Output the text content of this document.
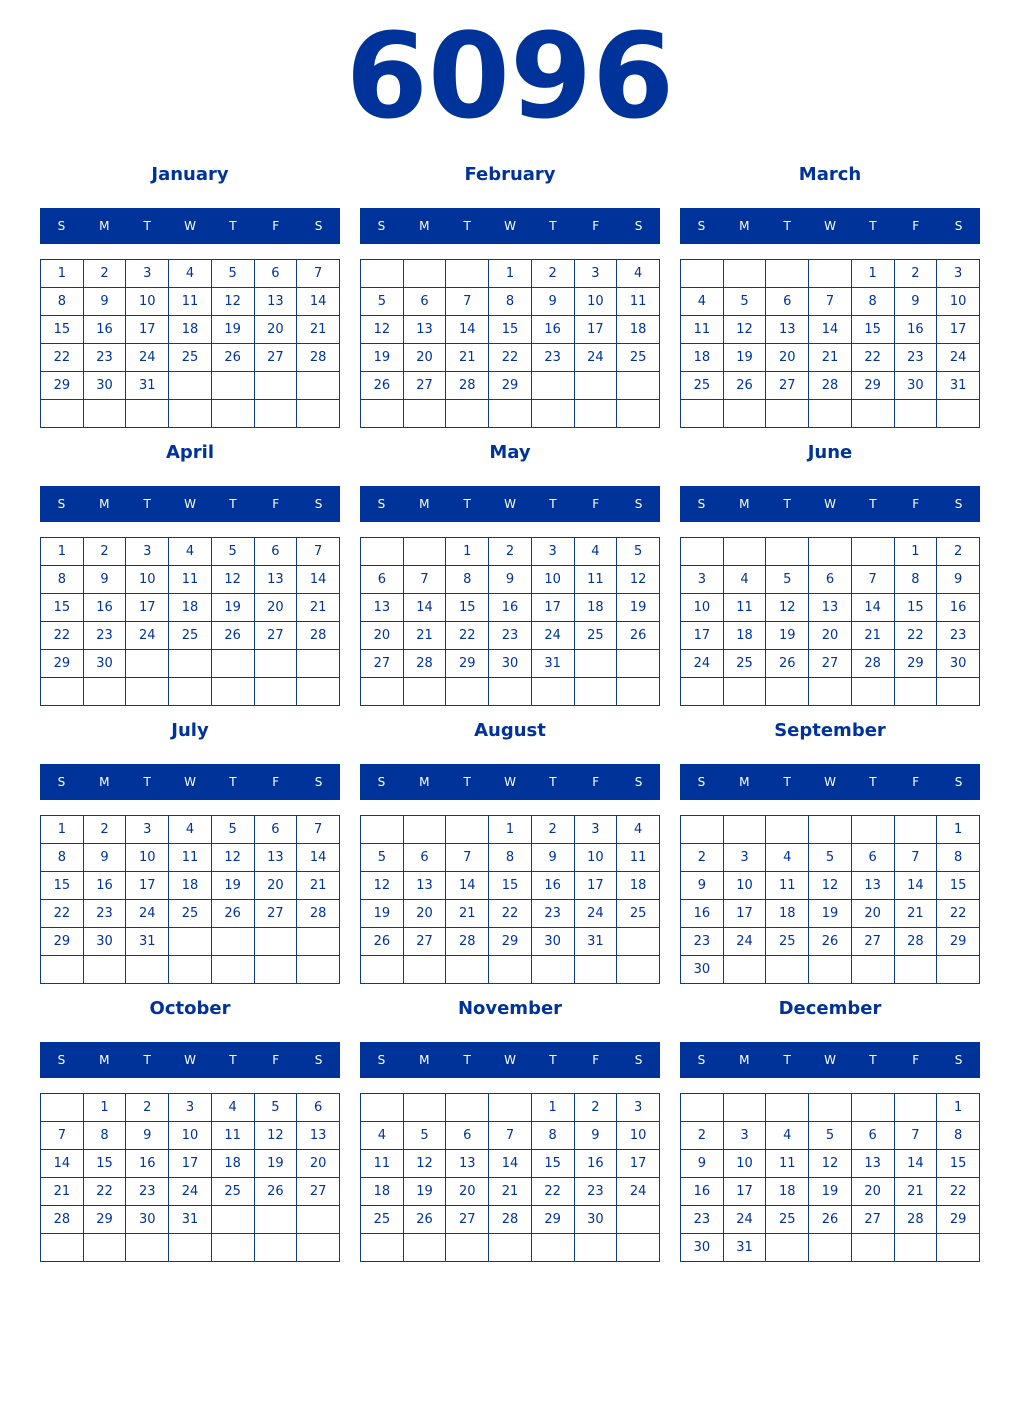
6096
January
S	M	T	W	T	F	S
1	2	3	4	5	6	7
8	9	10	11	12	13	14
15	16	17	18	19	20	21
22	23	24	25	26	27	28
29	30	31				

February
S	M	T	W	T	F	S
			1	2	3	4
5	6	7	8	9	10	11
12	13	14	15	16	17	18
19	20	21	22	23	24	25
26	27	28	29			

March
S	M	T	W	T	F	S
				1	2	3
4	5	6	7	8	9	10
11	12	13	14	15	16	17
18	19	20	21	22	23	24
25	26	27	28	29	30	31

April
S	M	T	W	T	F	S
1	2	3	4	5	6	7
8	9	10	11	12	13	14
15	16	17	18	19	20	21
22	23	24	25	26	27	28
29	30					

May
S	M	T	W	T	F	S
		1	2	3	4	5
6	7	8	9	10	11	12
13	14	15	16	17	18	19
20	21	22	23	24	25	26
27	28	29	30	31		

June
S	M	T	W	T	F	S
					1	2
3	4	5	6	7	8	9
10	11	12	13	14	15	16
17	18	19	20	21	22	23
24	25	26	27	28	29	30

July
S	M	T	W	T	F	S
1	2	3	4	5	6	7
8	9	10	11	12	13	14
15	16	17	18	19	20	21
22	23	24	25	26	27	28
29	30	31				

August
S	M	T	W	T	F	S
			1	2	3	4
5	6	7	8	9	10	11
12	13	14	15	16	17	18
19	20	21	22	23	24	25
26	27	28	29	30	31	

September
S	M	T	W	T	F	S
						1
2	3	4	5	6	7	8
9	10	11	12	13	14	15
16	17	18	19	20	21	22
23	24	25	26	27	28	29
30						
October
S	M	T	W	T	F	S
	1	2	3	4	5	6
7	8	9	10	11	12	13
14	15	16	17	18	19	20
21	22	23	24	25	26	27
28	29	30	31			

November
S	M	T	W	T	F	S
				1	2	3
4	5	6	7	8	9	10
11	12	13	14	15	16	17
18	19	20	21	22	23	24
25	26	27	28	29	30	

December
S	M	T	W	T	F	S
						1
2	3	4	5	6	7	8
9	10	11	12	13	14	15
16	17	18	19	20	21	22
23	24	25	26	27	28	29
30	31					
